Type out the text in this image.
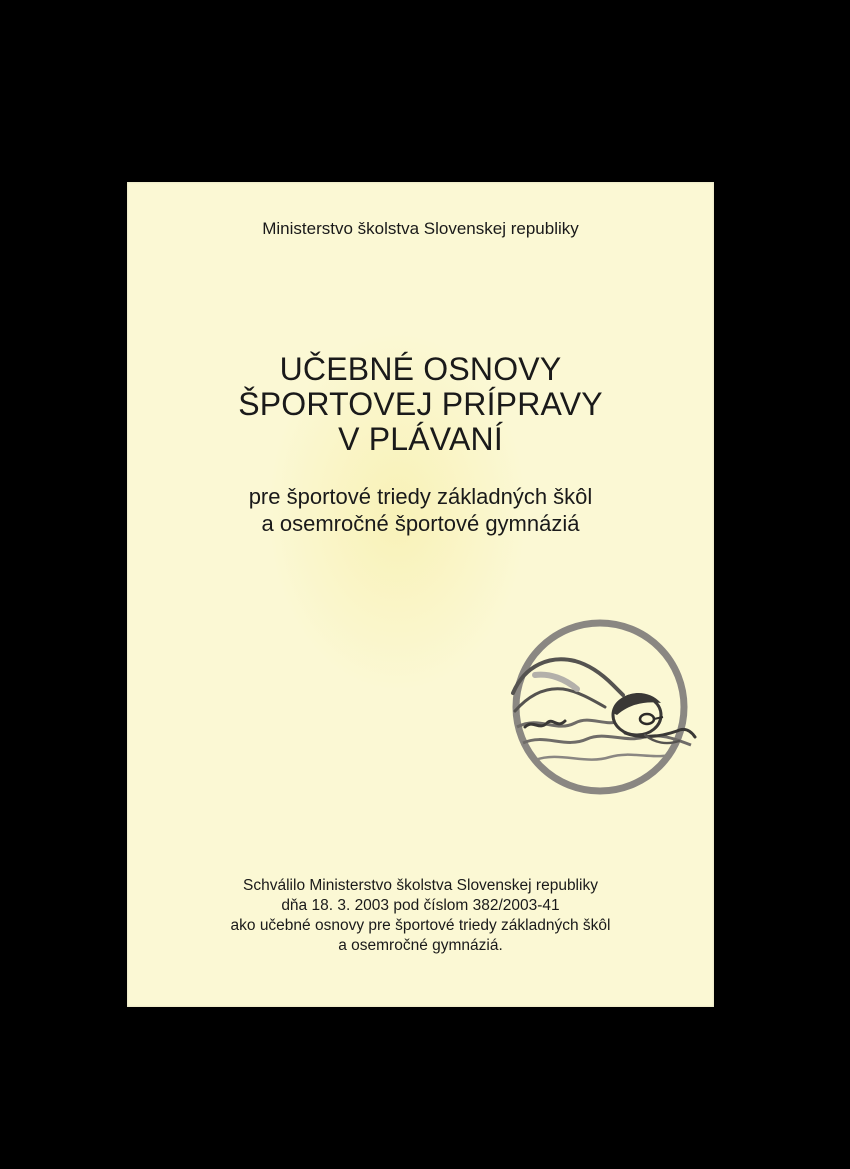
Ministerstvo školstva Slovenskej republiky
UČEBNÉ OSNOVY
ŠPORTOVEJ PRÍPRAVY
V PLÁVANÍ
pre športové triedy základných škôl
a osemročné športové gymnáziá
Schválilo Ministerstvo školstva Slovenskej republiky
dňa 18. 3. 2003 pod číslom 382/2003-41
ako učebné osnovy pre športové triedy základných škôl
a osemročné gymnáziá.
